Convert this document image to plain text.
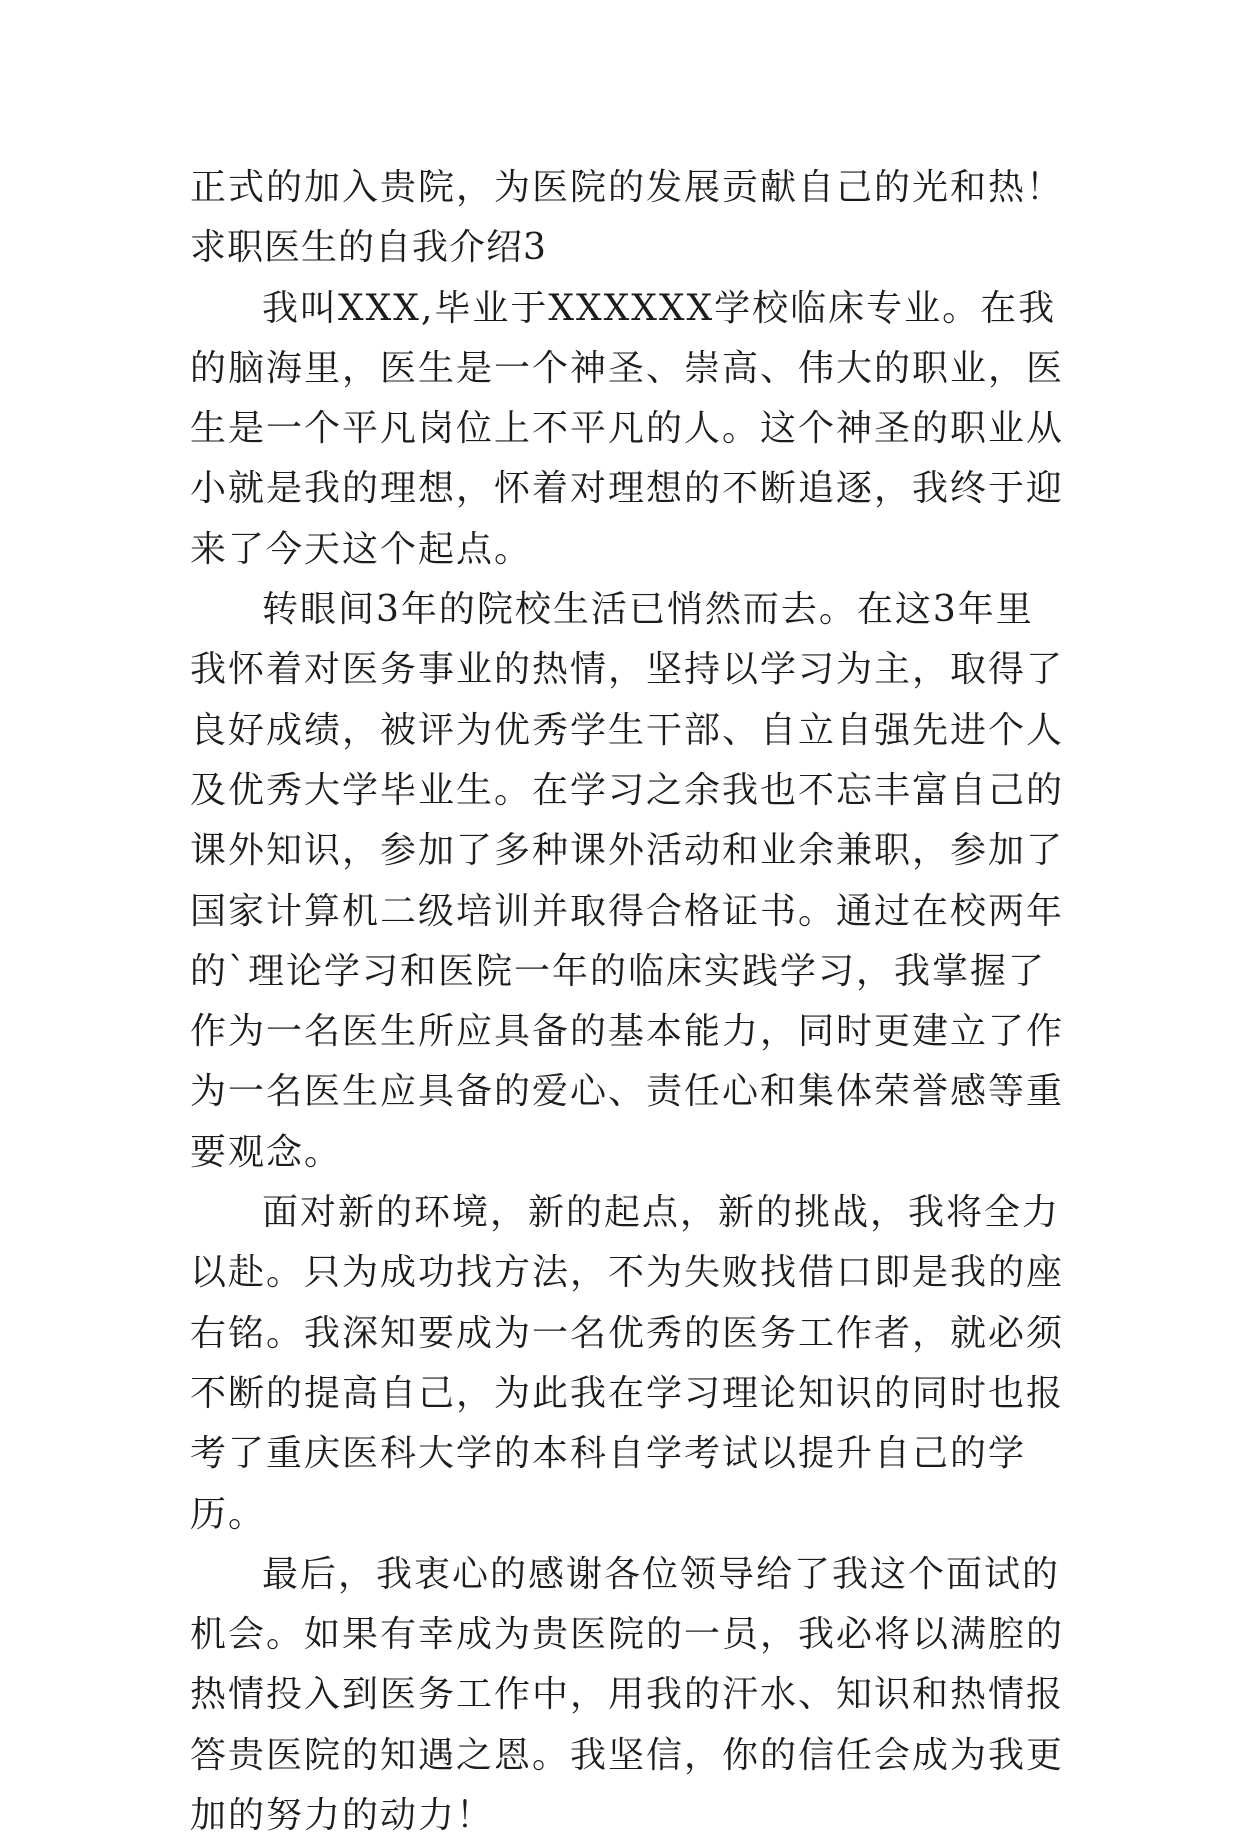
正式的加入贵院，为医院的发展贡献自己的光和热！

求职医生的自我介绍3

我叫XXX,毕业于XXXXXX学校临床专业。在我的脑海里，医生是一个神圣、崇高、伟大的职业，医生是一个平凡岗位上不平凡的人。这个神圣的职业从小就是我的理想，怀着对理想的不断追逐，我终于迎来了今天这个起点。

转眼间3年的院校生活已悄然而去。在这3年里我怀着对医务事业的热情，坚持以学习为主，取得了良好成绩，被评为优秀学生干部、自立自强先进个人及优秀大学毕业生。在学习之余我也不忘丰富自己的课外知识，参加了多种课外活动和业余兼职，参加了国家计算机二级培训并取得合格证书。通过在校两年的`理论学习和医院一年的临床实践学习，我掌握了作为一名医生所应具备的基本能力，同时更建立了作为一名医生应具备的爱心、责任心和集体荣誉感等重要观念。

面对新的环境，新的起点，新的挑战，我将全力以赴。只为成功找方法，不为失败找借口即是我的座右铭。我深知要成为一名优秀的医务工作者，就必须不断的提高自己，为此我在学习理论知识的同时也报考了重庆医科大学的本科自学考试以提升自己的学历。

最后，我衷心的感谢各位领导给了我这个面试的机会。如果有幸成为贵医院的一员，我必将以满腔的热情投入到医务工作中，用我的汗水、知识和热情报答贵医院的知遇之恩。我坚信，你的信任会成为我更加的努力的动力！
